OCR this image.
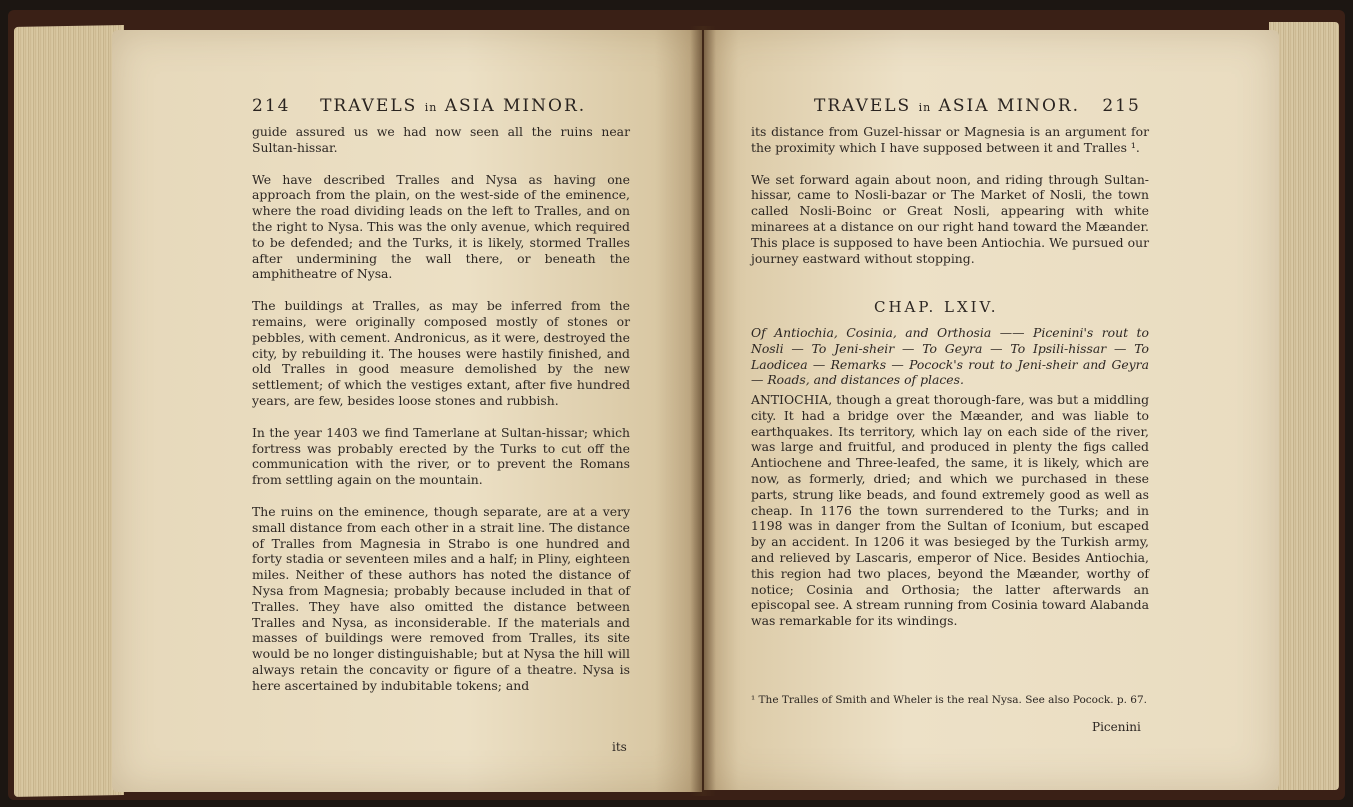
214 TRAVELS in ASIA MINOR.

guide assured us we had now seen all the ruins near Sultan-hissar.

We have described Tralles and Nysa as having one approach from the plain, on the west-side of the eminence, where the road dividing leads on the left to Tralles, and on the right to Nysa. This was the only avenue, which required to be defended; and the Turks, it is likely, stormed Tralles after undermining the wall there, or beneath the amphitheatre of Nysa.

The buildings at Tralles, as may be inferred from the remains, were originally composed mostly of stones or pebbles, with cement. Andronicus, as it were, destroyed the city, by rebuilding it. The houses were hastily finished, and old Tralles in good measure demolished by the new settlement; of which the vestiges extant, after five hundred years, are few, besides loose stones and rubbish.

In the year 1403 we find Tamerlane at Sultan-hissar; which fortress was probably erected by the Turks to cut off the communication with the river, or to prevent the Romans from settling again on the mountain.

The ruins on the eminence, though separate, are at a very small distance from each other in a strait line. The distance of Tralles from Magnesia in Strabo is one hundred and forty stadia or seventeen miles and a half; in Pliny, eighteen miles. Neither of these authors has noted the distance of Nysa from Magnesia; probably because included in that of Tralles. They have also omitted the distance between Tralles and Nysa, as inconsiderable. If the materials and masses of buildings were removed from Tralles, its site would be no longer distinguishable; but at Nysa the hill will always retain the concavity or figure of a theatre. Nysa is here ascertained by indubitable tokens; and

its
TRAVELS in ASIA MINOR. 215

its distance from Guzel-hissar or Magnesia is an argument for the proximity which I have supposed between it and Tralles ¹.

We set forward again about noon, and riding through Sultan-hissar, came to Nosli-bazar or The Market of Nosli, the town called Nosli-Boinc or Great Nosli, appearing with white minarees at a distance on our right hand toward the Mæander. This place is supposed to have been Antiochia. We pursued our journey eastward without stopping.

CHAP. LXIV.
Of Antiochia, Cosinia, and Orthosia —— Picenini's rout to Nosli — To Jeni-sheir — To Geyra — To Ipsili-hissar — To Laodicea — Remarks — Pocock's rout to Jeni-sheir and Geyra — Roads, and distances of places.
ANTIOCHIA, though a great thorough-fare, was but a middling city. It had a bridge over the Mæander, and was liable to earthquakes. Its territory, which lay on each side of the river, was large and fruitful, and produced in plenty the figs called Antiochene and Three-leafed, the same, it is likely, which are now, as formerly, dried; and which we purchased in these parts, strung like beads, and found extremely good as well as cheap. In 1176 the town surrendered to the Turks; and in 1198 was in danger from the Sultan of Iconium, but escaped by an accident. In 1206 it was besieged by the Turkish army, and relieved by Lascaris, emperor of Nice. Besides Antiochia, this region had two places, beyond the Mæander, worthy of notice; Cosinia and Orthosia; the latter afterwards an episcopal see. A stream running from Cosinia toward Alabanda was remarkable for its windings.
¹ The Tralles of Smith and Wheler is the real Nysa. See also Pocock. p. 67.
Picenini
